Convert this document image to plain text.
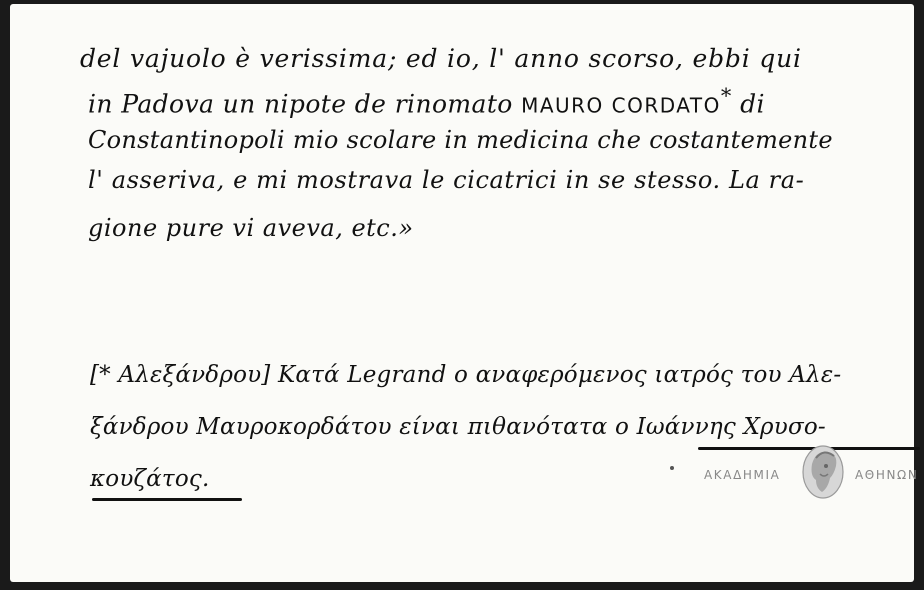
del vajuolo è verissima; ed io, l' anno scorso, ebbi qui
in Padova un nipote de rinomato MAURO CORDATO* di
Constantinopoli mio scolare in medicina che costantemente
l' asseriva, e mi mostrava le cicatrici in se stesso. La ra-
gione pure vi aveva, etc.»
[* Αλεξάνδρου] Κατά Legrand ο αναφερόμενος ιατρός του Αλε-
ξάνδρου Μαυροκορδάτου είναι πιθανότατα ο Ιωάννης Χρυσο-
κουζάτος.	ΑΚΑΔΗΜΙΑ	ΑΘΗΝΩΝ
